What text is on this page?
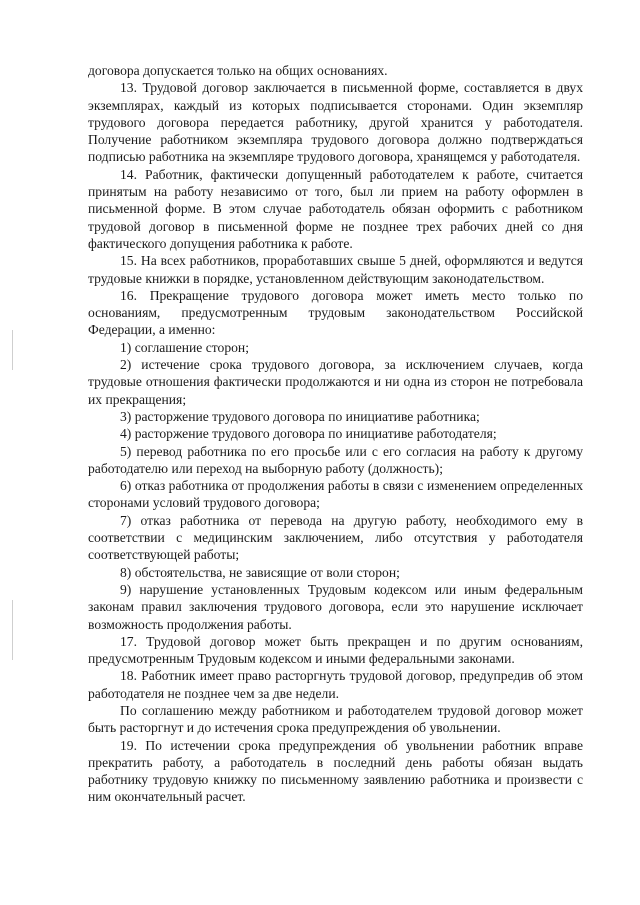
договора допускается только на общих основаниях.

13. Трудовой договор заключается в письменной форме, составляется в двух экземплярах, каждый из которых подписывается сторонами. Один экземпляр трудового договора передается работнику, другой хранится у работодателя. Получение работником экземпляра трудового договора должно подтверждаться подписью работника на экземпляре трудового договора, хранящемся у работодателя.

14. Работник, фактически допущенный работодателем к работе, считается принятым на работу независимо от того, был ли прием на работу оформлен в письменной форме. В этом случае работодатель обязан оформить с работником трудовой договор в письменной форме не позднее трех рабочих дней со дня фактического допущения работника к работе.

15. На всех работников, проработавших свыше 5 дней, оформляются и ведутся трудовые книжки в порядке, установленном действующим законодательством.

16. Прекращение трудового договора может иметь место только по основаниям, предусмотренным трудовым законодательством Российской Федерации, а именно:

1) соглашение сторон;

2) истечение срока трудового договора, за исключением случаев, когда трудовые отношения фактически продолжаются и ни одна из сторон не потребовала их прекращения;

3) расторжение трудового договора по инициативе работника;

4) расторжение трудового договора по инициативе работодателя;

5) перевод работника по его просьбе или с его согласия на работу к другому работодателю или переход на выборную работу (должность);

6) отказ работника от продолжения работы в связи с изменением определенных сторонами условий трудового договора;

7) отказ работника от перевода на другую работу, необходимого ему в соответствии с медицинским заключением, либо отсутствия у работодателя соответствующей работы;

8) обстоятельства, не зависящие от воли сторон;

9) нарушение установленных Трудовым кодексом или иным федеральным законам правил заключения трудового договора, если это нарушение исключает возможность продолжения работы.

17. Трудовой договор может быть прекращен и по другим основаниям, предусмотренным Трудовым кодексом и иными федеральными законами.

18. Работник имеет право расторгнуть трудовой договор, предупредив об этом работодателя не позднее чем за две недели.

По соглашению между работником и работодателем трудовой договор может быть расторгнут и до истечения срока предупреждения об увольнении.

19. По истечении срока предупреждения об увольнении работник вправе прекратить работу, а работодатель в последний день работы обязан выдать работнику трудовую книжку по письменному заявлению работника и произвести с ним окончательный расчет.
